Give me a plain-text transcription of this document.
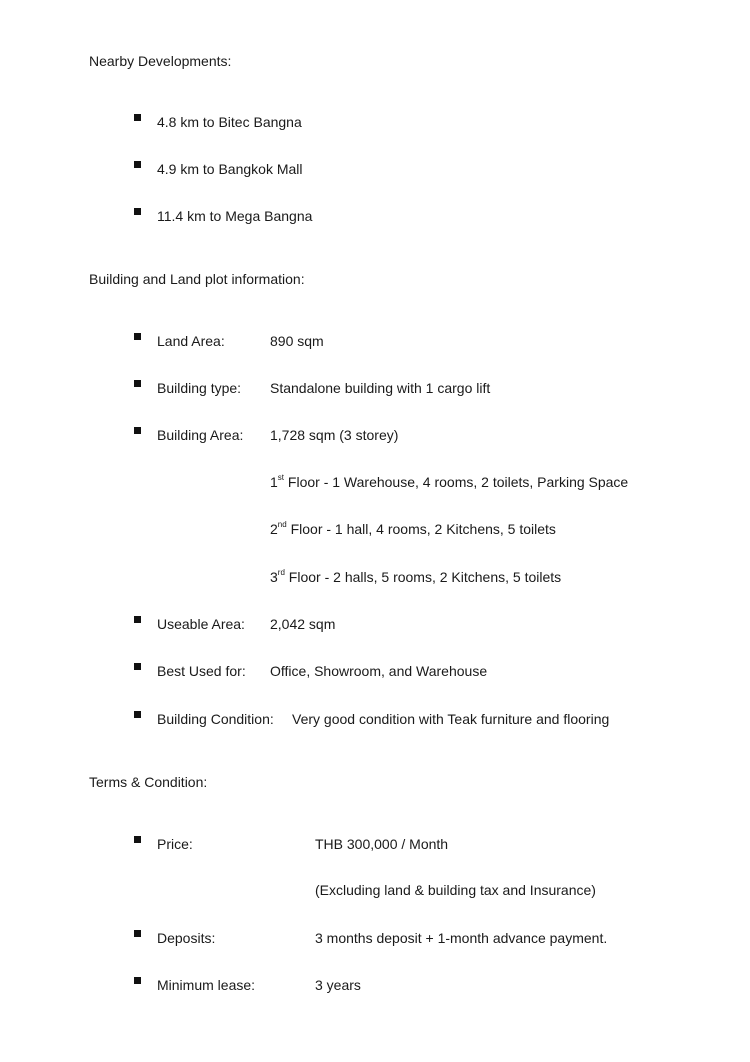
Nearby Developments:
4.8 km to Bitec Bangna
4.9 km to Bangkok Mall
11.4 km to Mega Bangna
Building and Land plot information:
Land Area:	890 sqm
Building type: Standalone building with 1 cargo lift
Building Area: 1,728 sqm (3 storey)
1st Floor - 1 Warehouse, 4 rooms, 2 toilets, Parking Space
2nd Floor - 1 hall, 4 rooms, 2 Kitchens, 5 toilets
3rd Floor - 2 halls, 5 rooms, 2 Kitchens, 5 toilets
Useable Area: 2,042 sqm
Best Used for: Office, Showroom, and Warehouse
Building Condition: Very good condition with Teak furniture and flooring
Terms & Condition:
Price:	THB 300,000 / Month
(Excluding land & building tax and Insurance)
Deposits:	3 months deposit + 1-month advance payment.
Minimum lease:	3 years
